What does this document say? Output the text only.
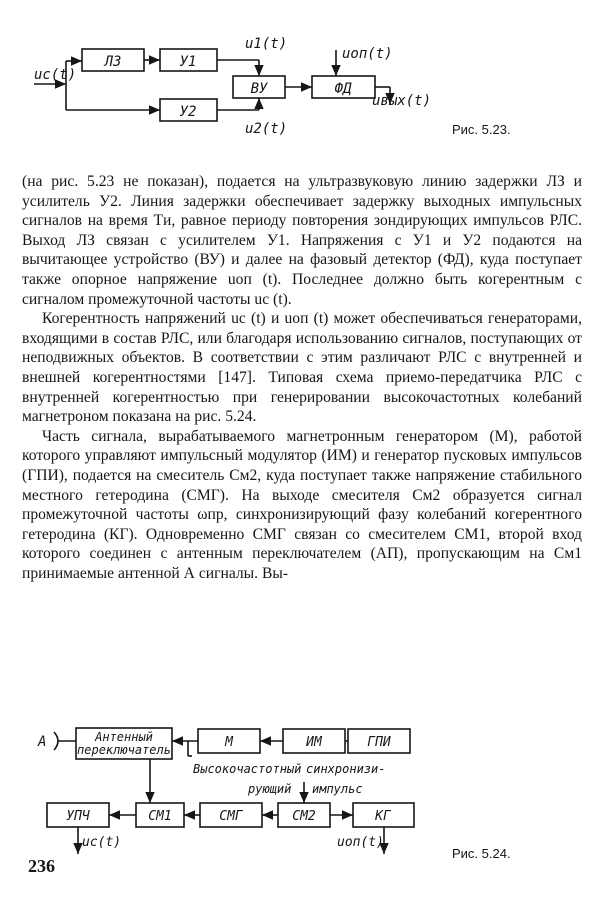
ЛЗ	У1
ВУ	ФД
У2
uc(t)
u1(t)
u2(t)
uоп(t)
uвых(t)
Рис. 5.23.

(на рис. 5.23 не показан), подается на ультразвуковую линию задержки ЛЗ и усилитель У2. Линия задержки обеспечивает задержку выходных импульсных сигналов на время Tи, равное периоду повторения зондирующих импульсов РЛС. Выход ЛЗ связан с усилителем У1. Напряжения с У1 и У2 подаются на вычитающее устройство (ВУ) и далее на фазовый детектор (ФД), куда поступает также опорное напряжение uоп (t). Последнее должно быть когерентным с сигналом промежуточной частоты uс (t).

Когерентность напряжений uс (t) и uоп (t) может обеспечиваться генераторами, входящими в состав РЛС, или благодаря использованию сигналов, поступающих от неподвижных объектов. В соответствии с этим различают РЛС с внутренней и внешней когерентностями [147]. Типовая схема приемо-передатчика РЛС с внутренней когерентностью при генерировании высокочастотных колебаний магнетроном показана на рис. 5.24.

Часть сигнала, вырабатываемого магнетронным генератором (М), работой которого управляют импульсный модулятор (ИМ) и генератор пусковых импульсов (ГПИ), подается на смеситель См2, куда поступает также напряжение стабильного местного гетеродина (СМГ). На выходе смесителя См2 образуется сигнал промежуточной частоты ωпр, синхронизирующий фазу колебаний когерентного гетеродина (КГ). Одновременно СМГ связан со смесителем СМ1, второй вход которого соединен с антенным переключателем (АП), пропускающим на См1 принимаемые антенной А сигналы. Вы-

А	Антенный
переключатель	М	ИМ	ГПИ
УПЧ	СМ1	СМГ	СМ2	КГ
Высокочастотный синхронизи-
рующий импульс
uc(t)	uоп(t)
Рис. 5.24.
236
